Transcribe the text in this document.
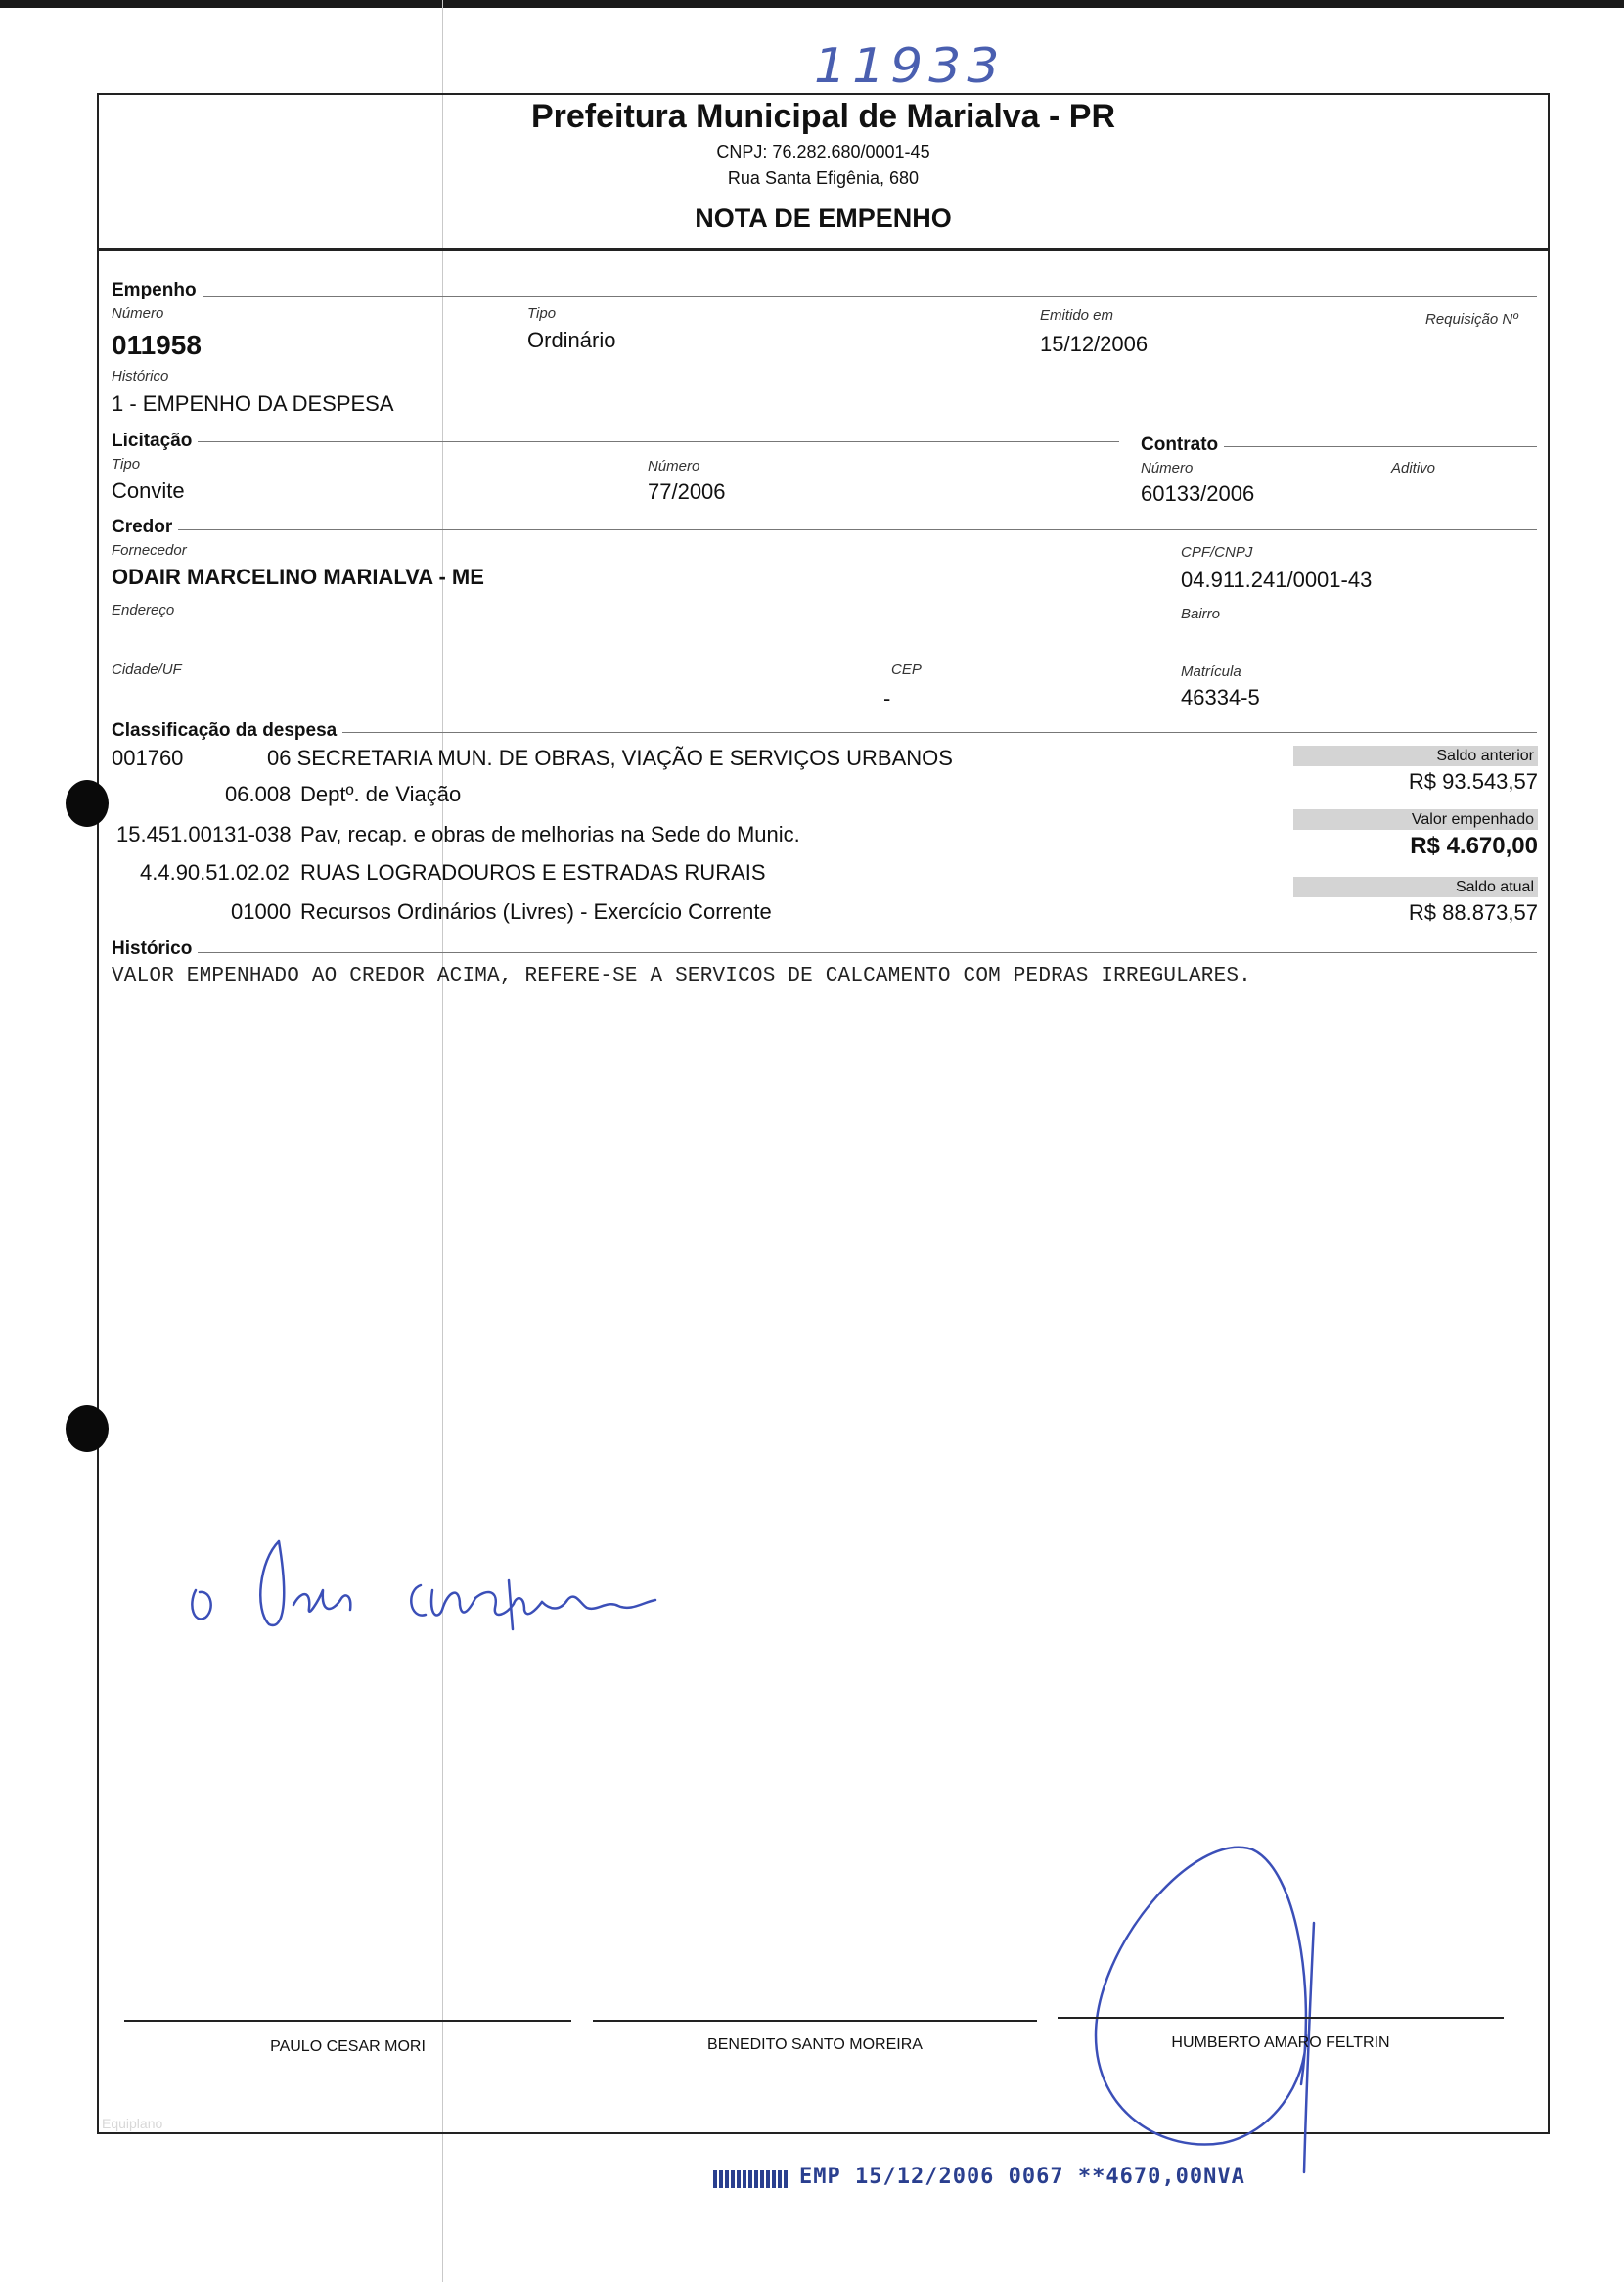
11933
Prefeitura Municipal de Marialva - PR
CNPJ: 76.282.680/0001-45
Rua Santa Efigênia, 680
NOTA DE EMPENHO
Empenho
Número
011958
Tipo
Ordinário
Emitido em
15/12/2006
Requisição Nº
Histórico
1 - EMPENHO DA DESPESA
Licitação
Tipo
Convite
Número
77/2006
Contrato
Número
60133/2006
Aditivo
Credor
Fornecedor
ODAIR MARCELINO MARIALVA - ME
CPF/CNPJ
04.911.241/0001-43
Endereço	Bairro
Cidade/UF	CEP
-
Matrícula
46334-5
Classificação da despesa
001760	06 SECRETARIA MUN. DE OBRAS, VIAÇÃO E SERVIÇOS URBANOS
06.008 Deptº. de Viação
15.451.00131-038 Pav, recap. e obras de melhorias na Sede do Munic.
4.4.90.51.02.02 RUAS LOGRADOUROS E ESTRADAS RURAIS
01000 Recursos Ordinários (Livres) - Exercício Corrente
Saldo anterior
R$ 93.543,57
Valor empenhado
R$ 4.670,00
Saldo atual
R$ 88.873,57
Histórico
VALOR EMPENHADO AO CREDOR ACIMA, REFERE-SE A SERVICOS DE CALCAMENTO COM PEDRAS IRREGULARES.
PAULO CESAR MORI	BENEDITO SANTO MOREIRA	HUMBERTO AMARO FELTRIN
Equiplano
EMP 15/12/2006 0067 **4670,00NVA
